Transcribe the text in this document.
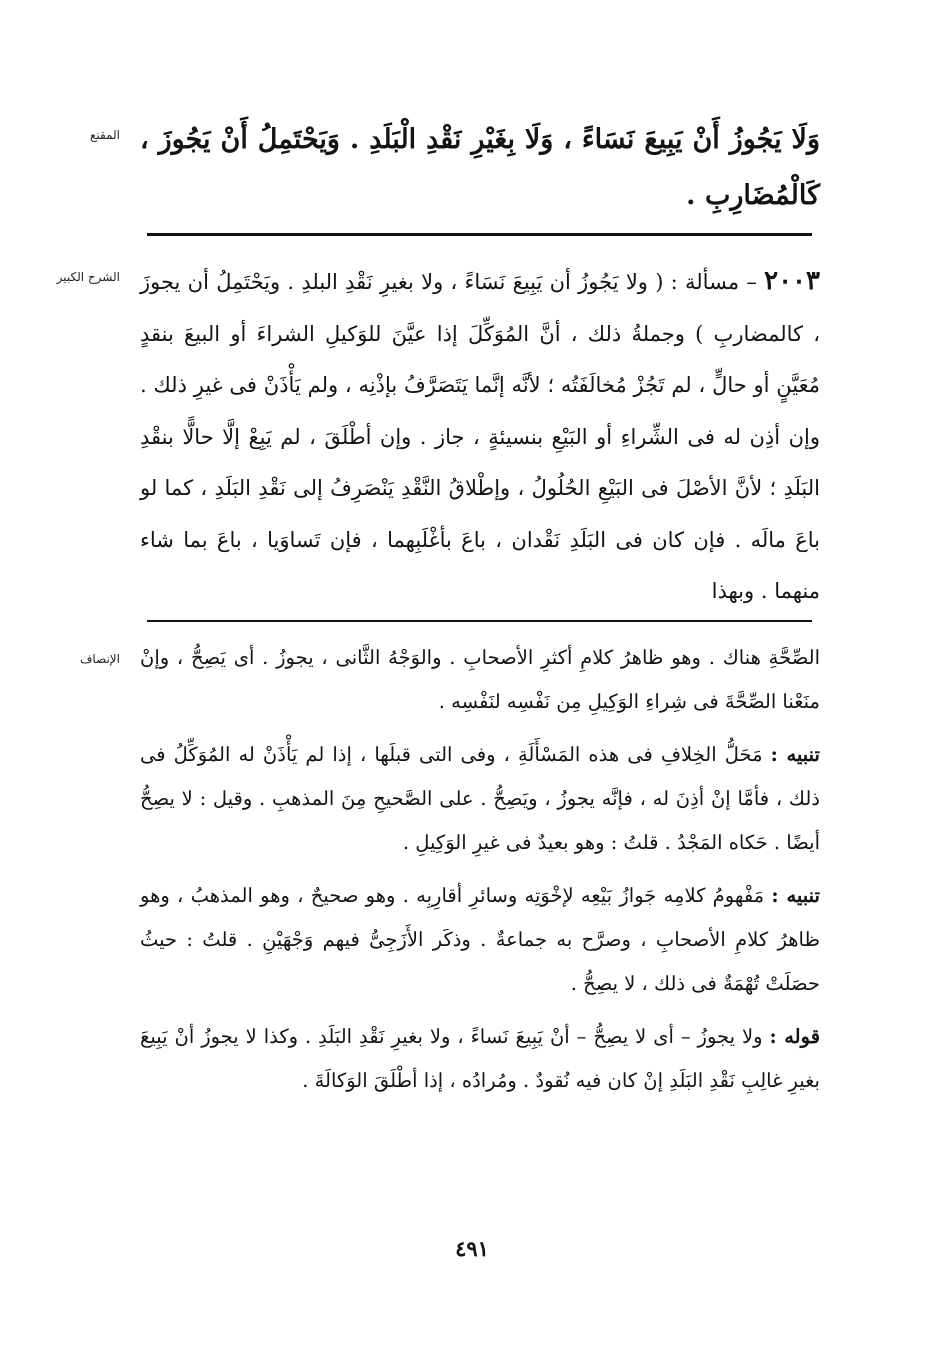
المقنع وَلَا يَجُوزُ أَنْ يَبِيعَ نَسَاءً ، وَلَا بِغَيْرِ نَقْدِ الْبَلَدِ . وَيَحْتَمِلُ أَنْ يَجُوزَ ، كَالْمُضَارِبِ .

الشرح الكبير	٢٠٠٣ – مسألة : ( ولا يَجُوزُ أن يَبِيعَ نَسَاءً ، ولا بغيرِ نَقْدِ البلدِ . ويَحْتَمِلُ أن يجوزَ ، كالمضاربِ ) وجملةُ ذلك ، أنَّ المُوَكِّلَ إذا عيَّنَ للوَكيلِ الشراءَ أو البيعَ بنقدٍ مُعَيَّنٍ أو حالٍّ ، لم تَجُزْ مُخالَفَتُه ؛ لأنَّه إنَّما يَتَصَرَّفُ بإذْنِه ، ولم يَأْذَنْ فى غيرِ ذلك . وإن أذِن له فى الشِّراءِ أو البَيْعِ بنسيئةٍ ، جاز . وإن أطْلَقَ ، لم يَبِعْ إلَّا حالًّا بنقْدِ البَلَدِ ؛ لأنَّ الأصْلَ فى البَيْعِ الحُلُولُ ، وإطْلاقُ النَّقْدِ يَنْصَرِفُ إلى نَقْدِ البَلَدِ ، كما لو باعَ مالَه . فإن كان فى البَلَدِ نَقْدان ، باعَ بأغْلَبِهما ، فإن تَساوَيا ، باعَ بما شاء منهما . وبهذا

الإنصاف الصِّحَّةِ هناك . وهو ظاهرُ كلامِ أكثرِ الأصحابِ . والوَجْهُ الثَّانى ، يجوزُ . أى يَصِحُّ ، وإنْ منَعْنا الصِّحَّةَ فى شِراءِ الوَكِيلِ مِن نَفْسِه لنَفْسِه .

تنبيه : مَحَلُّ الخِلافِ فى هذه المَسْأَلَةِ ، وفى التى قبلَها ، إذا لم يَأْذَنْ له المُوَكِّلُ فى ذلك ، فأمَّا إنْ أذِنَ له ، فإنَّه يجوزُ ، ويَصِحُّ . على الصَّحيحِ مِنَ المذهبِ . وقيل : لا يصِحُّ أيضًا . حَكاه المَجْدُ . قلتُ : وهو بعيدٌ فى غيرِ الوَكِيلِ .

تنبيه : مَفْهومُ كلامِه جَوازُ بَيْعِه لإخْوَتِه وسائرِ أقارِبِه . وهو صحيحٌ ، وهو المذهبُ ، وهو ظاهرُ كلامِ الأصحابِ ، وصرَّح به جماعةٌ . وذكَر الأَزَجِىُّ فيهم وَجْهَيْنِ . قلتُ : حيثُ حصَلَتْ تُهْمَةٌ فى ذلك ، لا يصِحُّ .

قوله : ولا يجوزُ – أى لا يصِحُّ – أنْ يَبِيعَ نَساءً ، ولا بغيرِ نَقْدِ البَلَدِ . وكذا لا يجوزُ أنْ يَبِيعَ بغيرِ غالِبِ نَقْدِ البَلَدِ إنْ كان فيه نُقودٌ . ومُرادُه ، إذا أطْلَقَ الوَكالَةَ .

٤٩١
